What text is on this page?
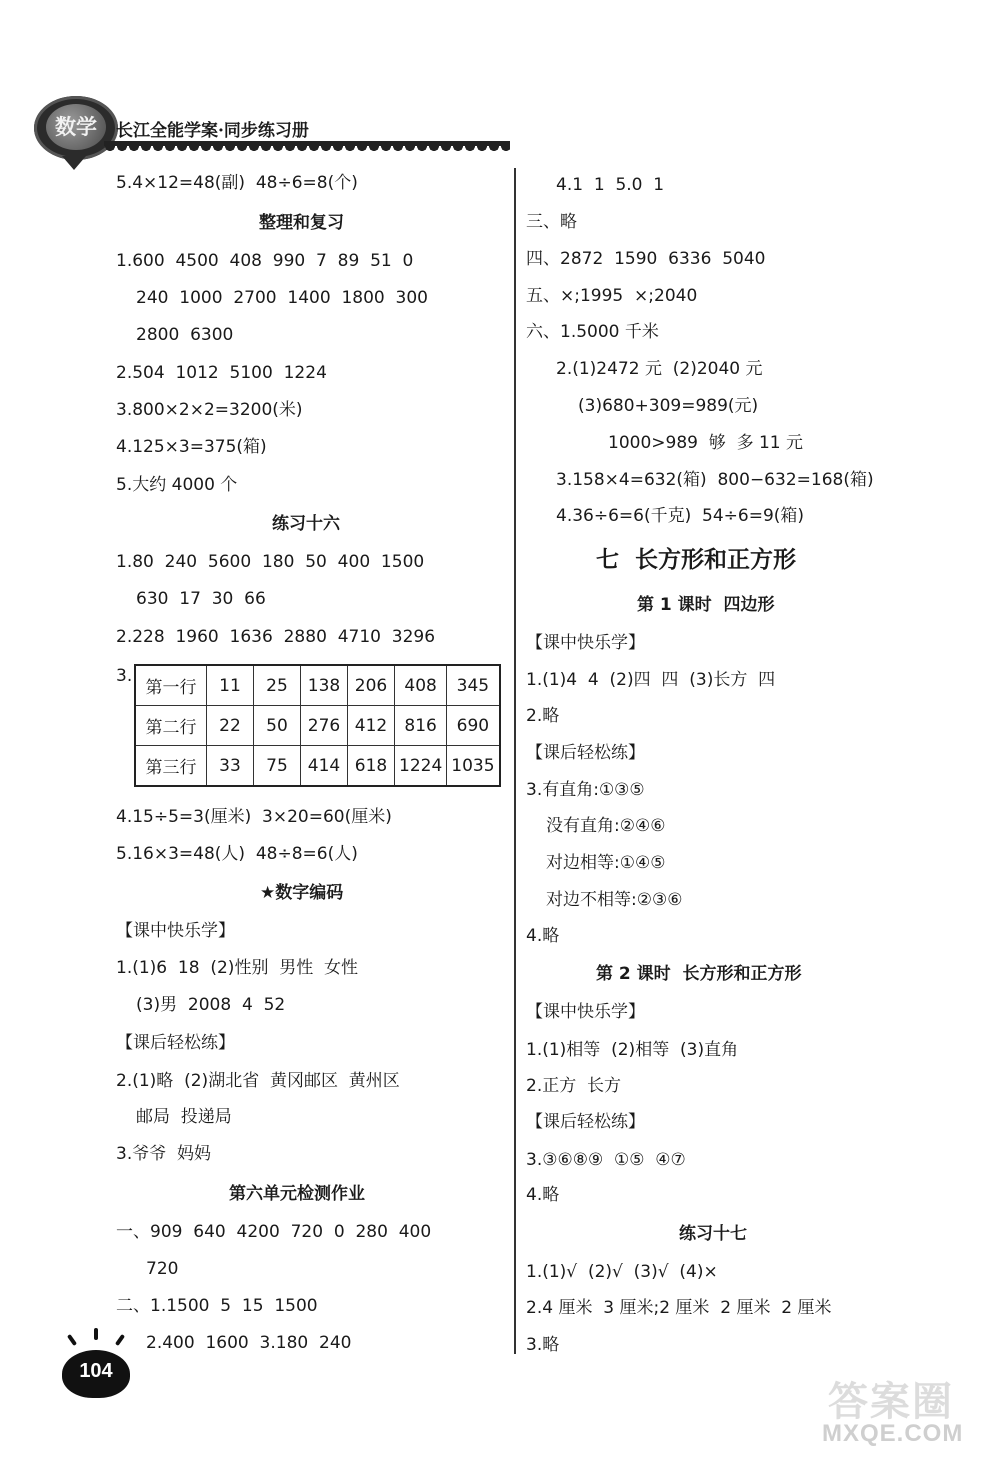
数学	长江全能学案·同步练习册
5.4×12=48(副)  48÷6=8(个)
整理和复习
1.600  4500  408  990  7  89  51  0
240  1000  2700  1400  1800  300
2800  6300
2.504  1012  5100  1224
3.800×2×2=3200(米)
4.125×3=375(箱)
5.大约 4000 个
练习十六
1.80  240  5600  180  50  400  1500
630  17  30  66
2.228  1960  1636  2880  4710  3296
3.
第一行	11	25	138	206	408	345
第二行	22	50	276	412	816	690
第三行	33	75	414	618	1224	1035
4.15÷5=3(厘米)  3×20=60(厘米)
5.16×3=48(人)  48÷8=6(人)
★数字编码
【课中快乐学】
1.(1)6  18  (2)性别  男性  女性
(3)男  2008  4  52
【课后轻松练】
2.(1)略  (2)湖北省  黄冈邮区  黄州区
邮局  投递局
3.爷爷  妈妈
第六单元检测作业
一、909  640  4200  720  0  280  400
720
二、1.1500  5  15  1500
2.400  1600  3.180  240
4.1  1  5.0  1
三、略
四、2872  1590  6336  5040
五、×;1995  ×;2040
六、1.5000 千米
2.(1)2472 元  (2)2040 元
(3)680+309=989(元)
1000>989  够  多 11 元
3.158×4=632(箱)  800−632=168(箱)
4.36÷6=6(千克)  54÷6=9(箱)
七  长方形和正方形
第 1 课时  四边形
【课中快乐学】
1.(1)4  4  (2)四  四  (3)长方  四
2.略
【课后轻松练】
3.有直角:①③⑤
没有直角:②④⑥
对边相等:①④⑤
对边不相等:②③⑥
4.略
第 2 课时  长方形和正方形
【课中快乐学】
1.(1)相等  (2)相等  (3)直角
2.正方  长方
【课后轻松练】
3.③⑥⑧⑨  ①⑤  ④⑦
4.略
练习十七
1.(1)√  (2)√  (3)√  (4)×
2.4 厘米  3 厘米;2 厘米  2 厘米  2 厘米
3.略
104
答案圈
MXQE.COM
